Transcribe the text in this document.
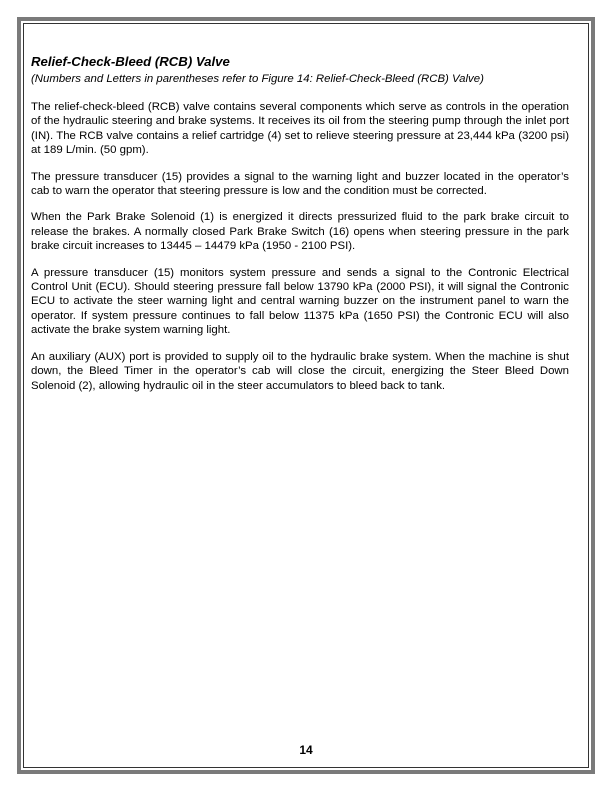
Relief-Check-Bleed (RCB) Valve

(Numbers and Letters in parentheses refer to Figure 14: Relief-Check-Bleed (RCB) Valve)

The relief-check-bleed (RCB) valve contains several components which serve as controls in the operation of the hydraulic steering and brake systems. It receives its oil from the steering pump through the inlet port (IN). The RCB valve contains a relief cartridge (4) set to relieve steering pressure at 23,444 kPa (3200 psi) at 189 L/min. (50 gpm).

The pressure transducer (15) provides a signal to the warning light and buzzer located in the operator’s cab to warn the operator that steering pressure is low and the condition must be corrected.

When the Park Brake Solenoid (1) is energized it directs pressurized fluid to the park brake circuit to release the brakes. A normally closed Park Brake Switch (16) opens when steering pressure in the park brake circuit increases to 13445 – 14479 kPa (1950 - 2100 PSI).

A pressure transducer (15) monitors system pressure and sends a signal to the Contronic Electrical Control Unit (ECU). Should steering pressure fall below 13790 kPa (2000 PSI), it will signal the Contronic ECU to activate the steer warning light and central warning buzzer on the instrument panel to warn the operator. If system pressure continues to fall below 11375 kPa (1650 PSI) the Contronic ECU will also activate the brake system warning light.

An auxiliary (AUX) port is provided to supply oil to the hydraulic brake system. When the machine is shut down, the Bleed Timer in the operator’s cab will close the circuit, energizing the Steer Bleed Down Solenoid (2), allowing hydraulic oil in the steer accumulators to bleed back to tank.

14
